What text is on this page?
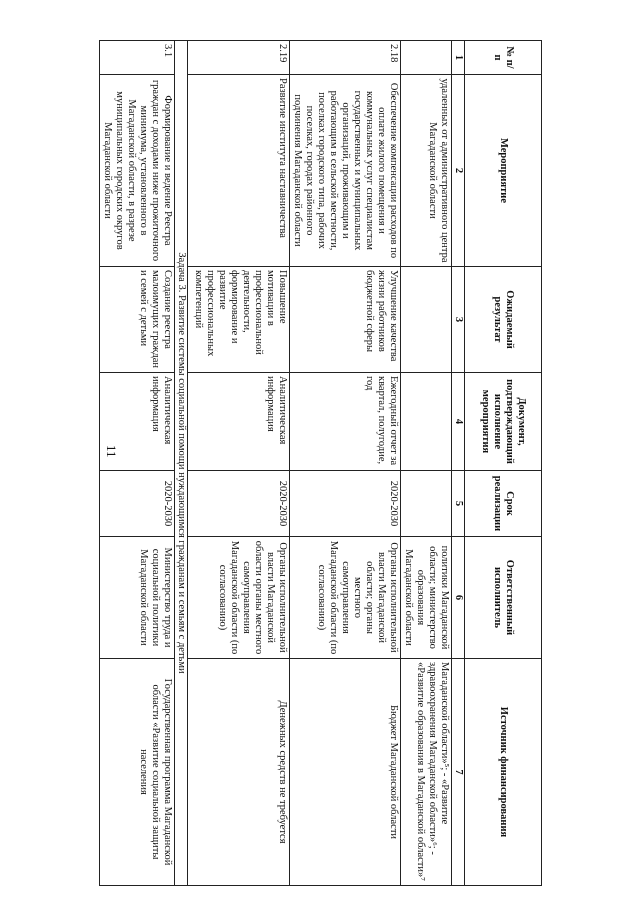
11
№ п/п	Мероприятие	Ожидаемый результат	Документ, подтверждающий исполнение мероприятия	Срок реализации	Ответственный исполнитель	Источник финансирования
1	2	3	4	5	6	7
	удаленных от административного центра Магаданской области				политики Магаданской области; министерство образования Магаданской области	Магаданской области»⁵; - «Развитие здравоохранения Магаданской области»⁶; - «Развитие образования в Магаданской области»⁷
2.18	Обеспечение компенсации расходов по оплате жилого помещения и коммунальных услуг специалистам государственных и муниципальных организаций, проживающим и работающим в сельской местности, поселках городского типа, рабочих поселках, городах районного подчинения Магаданской области	Улучшение качества жизни работников бюджетной сферы	Ежегодный отчет за квартал, полугодие, год	2020-2030	Органы исполнительной власти Магаданской области; органы местного самоуправления Магаданской области (по согласованию)	Бюджет Магаданской области
2.19	Развитие института наставничества	Повышение мотивации в профессиональной деятельности, формирование и развитие профессиональных компетенций	Аналитическая информация	2020-2030	Органы исполнительной власти Магаданской области органы местного самоуправления Магаданской области (по согласованию)	Денежных средств не требуется
Задача 3. Развитие системы социальной помощи нуждающимся гражданам и семьям с детьми						
3.1	Формирование и ведение Реестра граждан с доходами ниже прожиточного минимума, установленного в Магаданской области, в разрезе муниципальных городских округов Магаданской области	Создание реестра малоимущих граждан и семей с детьми	Аналитическая информация	2020-2030	Министерство труда и социальной политики Магаданской области	Государственная программа Магаданской области «Развитие социальной защиты населения
